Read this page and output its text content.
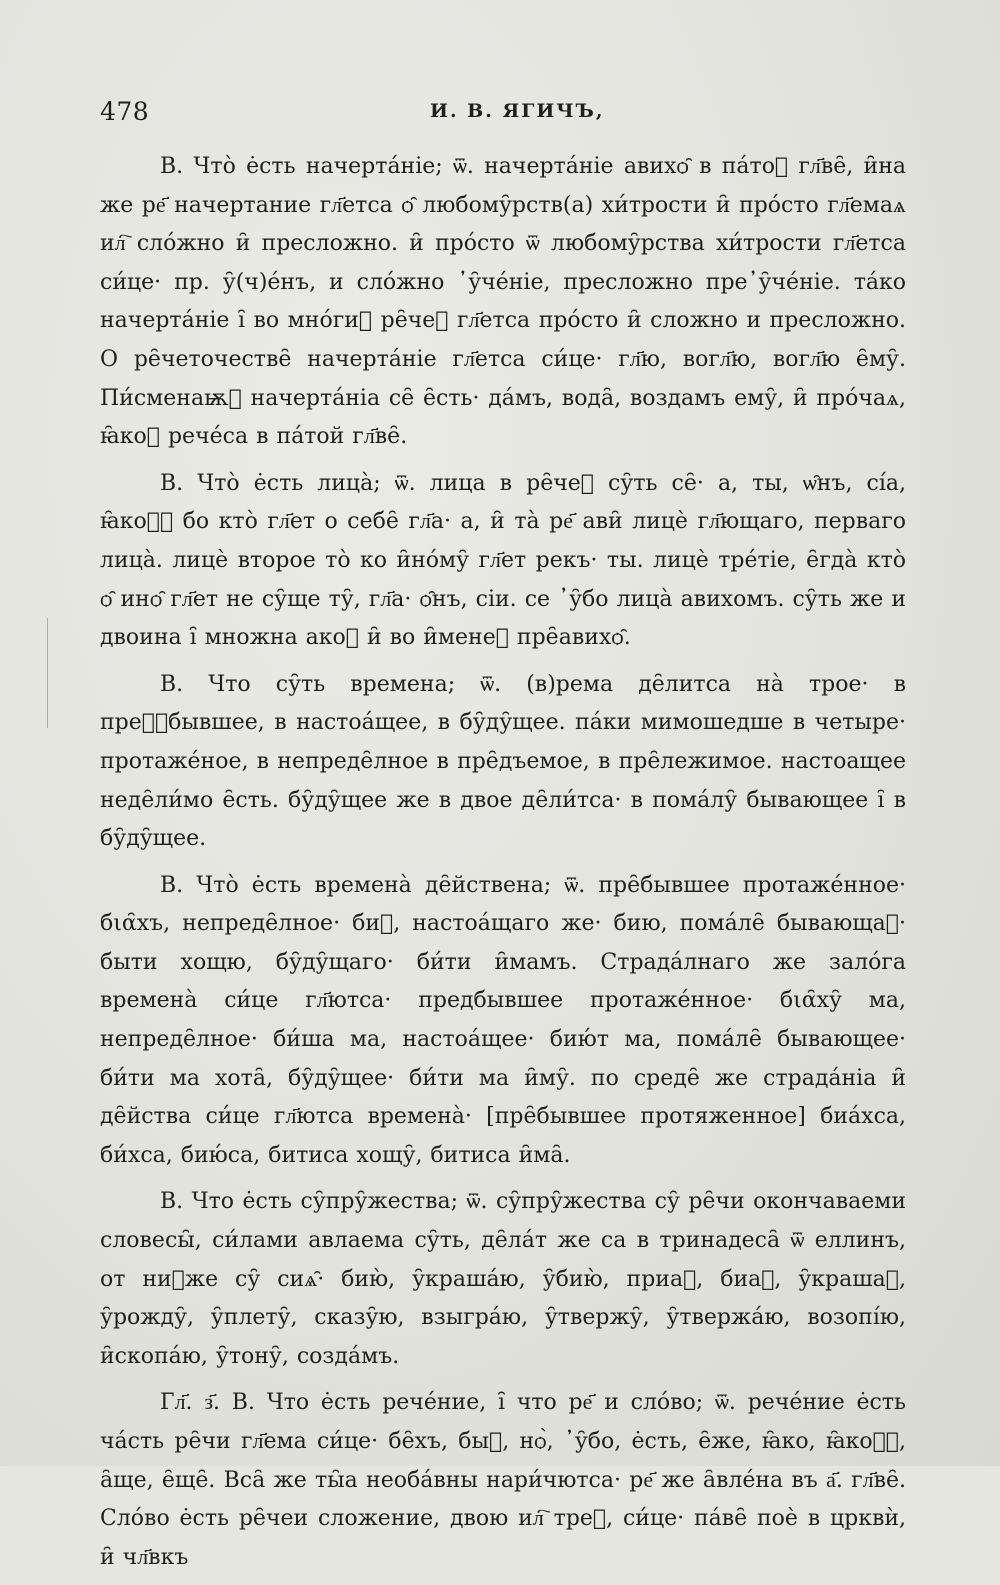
478	И. В. ЯГИЧЪ,

В. Что̀ е̇сть начерта́ніе; ѿ. начерта́ніе авихѻ̑ в па́то꙼ гл҃ве̑, и̑на же ре҃ начертание гл҃етса ѻ̑ любому̑рств(а) хи́трости и̑ про́сто гл҃емаѧ ил҇ сло́жно и̑ пресложно. и̑ про́сто ѿ любому̑рства хи́трости гл҃етса си́це· пр. у̑(ч)е́нъ, и сло́жно ᾿у̑че́ніе, пресложно пре᾿у̑че́ніе. та́ко начерта́ніе і̑ во мно́гиⷯ ре̑чеⷯ гл҃етса про́сто и̑ сложно и пресложно. О ре̑четочестве̑ начерта́ніе гл҃етса си́це· гл҃ю, вогл҃ю, вогл҃ю е̑му̑. Пи́сменаѭⷤ начерта́ніа се̑ е̑сть· да́мъ, вода̑, воздамъ ему̑, и̑ про́чаѧ, ꙗ̑коⷤ рече́са в па́той гл҃ве̑.

В. Что̀ е̇сть лица̀; ѿ. лица в ре̑чеⷯ су̑ть се̑· а, ты, ѡ̑нъ, сі́а, ꙗ̑коⷤⷷ бо кто̀ гл҃ет о себе̑ гл҃а· а, и̑ та̀ ре҃ ави̑ лицѐ гл҃ющаго, перваго лица̀. лицѐ второе то̀ ко и̑но́му̑ гл҃ет рекъ· ты. лицѐ тре́тіе, е̑гда̀ кто̀ ѻ̑ инѻ̑ гл҃ет не су̑ще ту̑, гл҃а· ѻ̑нъ, сіи. се ᾿у̑бо лица̀ авихомъ. су̑ть же и двоина і̑ множна акоⷤ и̑ во и̑менеⷯ пре̑авихѻ̑.

В. Что су̑ть времена; ѿ. (в)рема де̑литса на̀ трое· в преⷤⷷбывшее, в настоа́щее, в бу̑ду̑щее. па́ки мимошедше в четыре· протаже́ное, в непреде̑лное в пре̑дъемое, в пре̑лежимое. настоащее неде̑ли́мо е̑сть. бу̑ду̑щее же в двое де̑ли́тса· в пома́лу̑ бывающее і̑ в бу̑ду̑щее.

В. Что̀ е̇сть времена̀ де̑йствена; ѿ. пре̑бывшее протаже́нное· бια̑хъ, непреде̑лное· биⷯ, настоа́щаго же· бию, пома́ле̑ бывающа꙼· быти хощю, бу̑ду̑щаго· би́ти и̑мамъ. Страда́лнаго же зало́га времена̀ си́це гл҃ютса· предбывшее протаже́нное· бια̑ху̑ ма, непреде̑лное· би́ша ма, настоа́щее· бию́т ма, пома́ле̑ бывающее· би́ти ма хота̑, бу̑ду̑щее· би́ти ма и̑му̑. по среде̑ же страда́ніа и̑ де̑йства си́це гл҃ютса времена̀· [пре̑бывшее протяженное] биа́хса, би́хса, бию́са, битиса хощу̑, битиса и̑ма̑.

В. Что е̇сть су̑пру̑жества; ѿ. су̑пру̑жества су̑ ре̑чи окончаваеми словесы̑, си́лами авлаема су̑ть, де̑ла́т же са в тринадеса̑ ѿ еллинъ, от ниⷯже су̑ сиѧ̑· бию̀, у̑краша́ю, у̑бию̀, приаⷯ, биаⷯ, у̑крашаⷯ, у̑рожду̑, у̑плету̑, сказу̑ю, взыгра́ю, у̑твержу̑, у̑твержа́ю, возопі́ю, и̑скопа́ю, у̑тону̑, созда́мъ.

Гл҃. з҃. В. Что е̇сть рече́ние, і̑ что ре҃ и сло́во; ѿ. рече́ние е̇сть ча́сть ре̑чи гл҃ема си́це· бе̑хъ, быⷯ, нѻ̀, ᾿у̑бо, е̇сть, е̑же, ꙗ̑ко, ꙗ̑коⷤⷷ, а̑ще, е̑ще̑. Вса̑ же ты̑а необа́вны нари́чютса· ре҃ же а̑вле́на въ а҃. гл҃ве̑. Сло́во е̇сть ре̑чеи сложение, двою ил҇ треⷯ, си́це· па́ве̑ поѐ в црквѝ, и̑ чл҃вкъ
